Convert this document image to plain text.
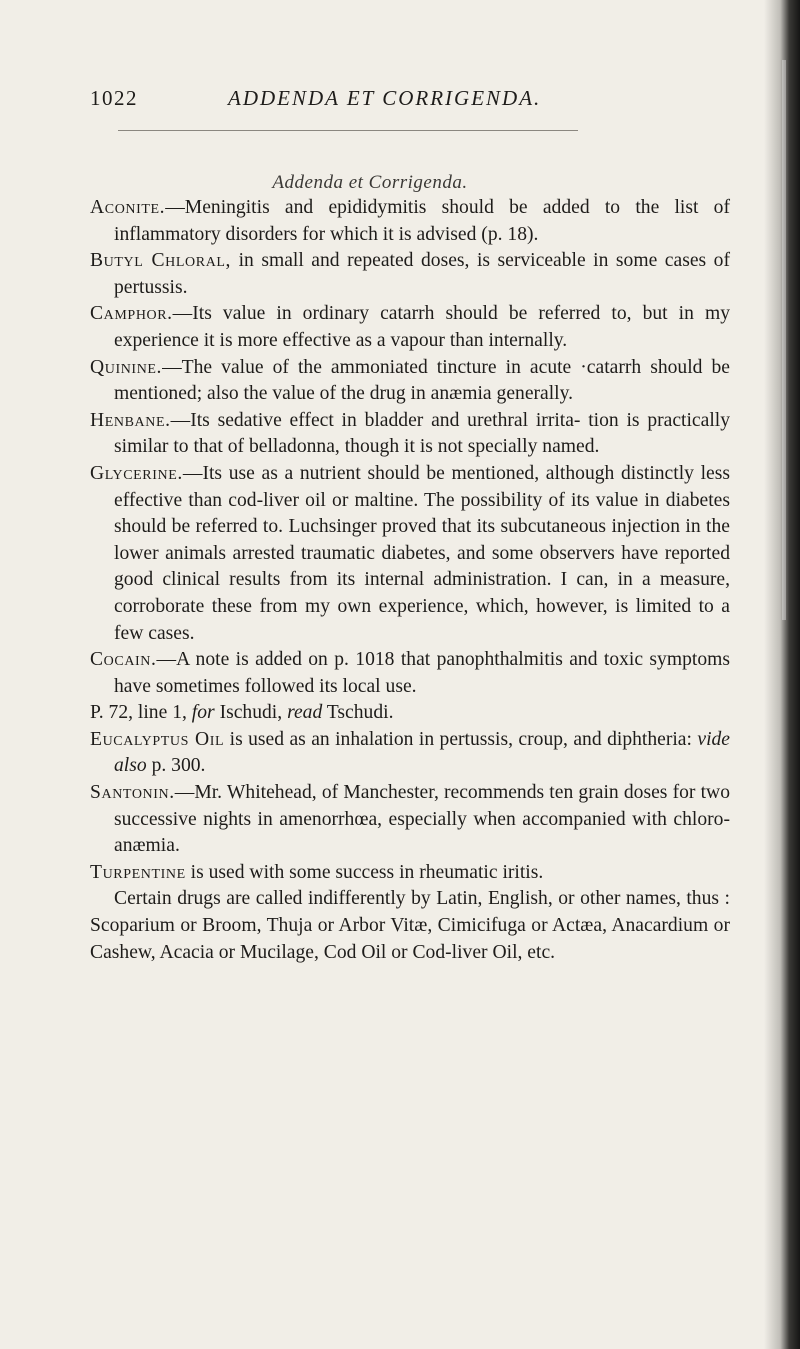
1022	ADDENDA ET CORRIGENDA.
Addenda et Corrigenda.

Aconite.—Meningitis and epididymitis should be added to the list of inflammatory disorders for which it is advised (p. 18).

Butyl Chloral, in small and repeated doses, is serviceable in some cases of pertussis.

Camphor.—Its value in ordinary catarrh should be referred to, but in my experience it is more effective as a vapour than internally.

Quinine.—The value of the ammoniated tincture in acute ·catarrh should be mentioned; also the value of the drug in anæmia generally.

Henbane.—Its sedative effect in bladder and urethral irrita- tion is practically similar to that of belladonna, though it is not specially named.

Glycerine.—Its use as a nutrient should be mentioned, although distinctly less effective than cod-liver oil or maltine. The possibility of its value in diabetes should be referred to. Luchsinger proved that its subcutaneous injection in the lower animals arrested traumatic diabetes, and some observers have reported good clinical results from its internal administration. I can, in a measure, corroborate these from my own experience, which, however, is limited to a few cases.

Cocain.—A note is added on p. 1018 that panophthalmitis and toxic symptoms have sometimes followed its local use.

P. 72, line 1, for Ischudi, read Tschudi.

Eucalyptus Oil is used as an inhalation in pertussis, croup, and diphtheria: vide also p. 300.

Santonin.—Mr. Whitehead, of Manchester, recommends ten grain doses for two successive nights in amenorrhœa, especially when accompanied with chloro-anæmia.

Turpentine is used with some success in rheumatic iritis.

Certain drugs are called indifferently by Latin, English, or other names, thus : Scoparium or Broom, Thuja or Arbor Vitæ, Cimicifuga or Actæa, Anacardium or Cashew, Acacia or Mucilage, Cod Oil or Cod-liver Oil, etc.
